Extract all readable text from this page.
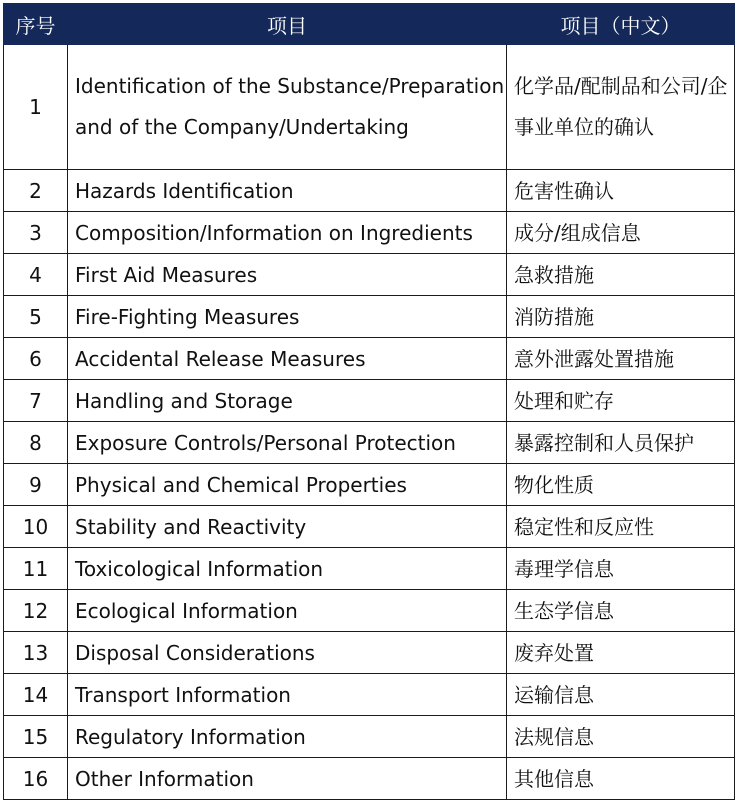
序号	项目	项目（中文）
1	Identification of the Substance/Preparation and of the Company/Undertaking	化学品/配制品和公司/企事业单位的确认
2	Hazards Identification	危害性确认
3	Composition/Information on Ingredients	成分/组成信息
4	First Aid Measures	急救措施
5	Fire-Fighting Measures	消防措施
6	Accidental Release Measures	意外泄露处置措施
7	Handling and Storage	处理和贮存
8	Exposure Controls/Personal Protection	暴露控制和人员保护
9	Physical and Chemical Properties	物化性质
10	Stability and Reactivity	稳定性和反应性
11	Toxicological Information	毒理学信息
12	Ecological Information	生态学信息
13	Disposal Considerations	废弃处置
14	Transport Information	运输信息
15	Regulatory Information	法规信息
16	Other Information	其他信息
